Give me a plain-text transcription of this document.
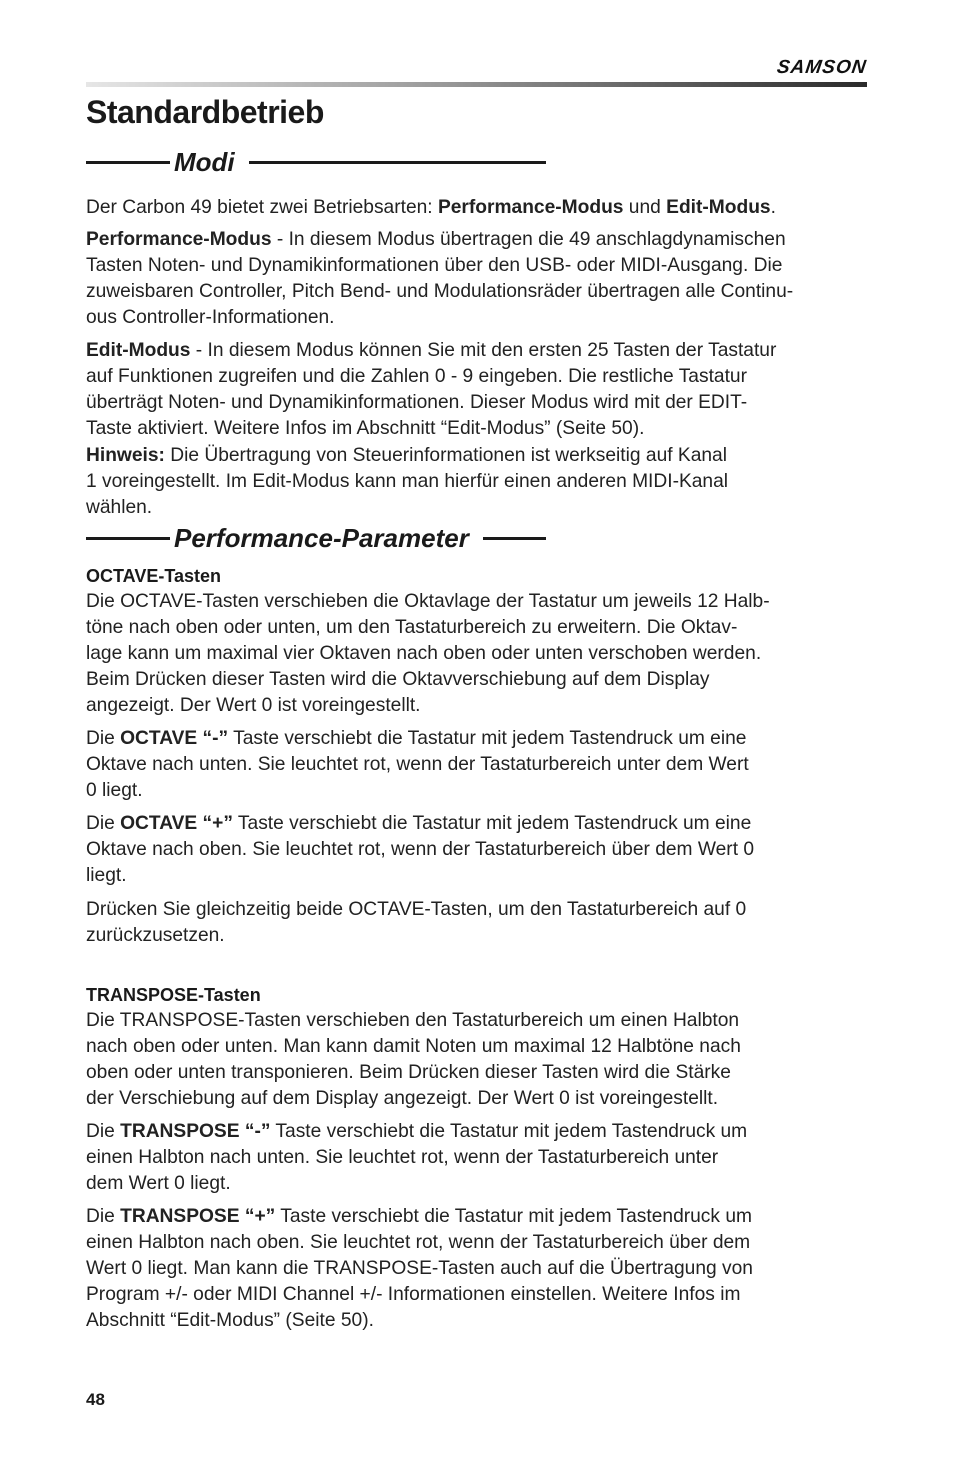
SAMSON
Standardbetrieb
Modi

Der Carbon 49 bietet zwei Betriebsarten: Performance-Modus und Edit-Modus.

Performance-Modus - In diesem Modus übertragen die 49 anschlagdynamischen
Tasten Noten- und Dynamikinformationen über den USB- oder MIDI-Ausgang. Die
zuweisbaren Controller, Pitch Bend- und Modulationsräder übertragen alle Continu-
ous Controller-Informationen.

Edit-Modus - In diesem Modus können Sie mit den ersten 25 Tasten der Tastatur
auf Funktionen zugreifen und die Zahlen 0 - 9 eingeben. Die restliche Tastatur
überträgt Noten- und Dynamikinformationen. Dieser Modus wird mit der EDIT-
Taste aktiviert. Weitere Infos im Abschnitt “Edit-Modus” (Seite 50).

Hinweis: Die Übertragung von Steuerinformationen ist werkseitig auf Kanal
1 voreingestellt. Im Edit-Modus kann man hierfür einen anderen MIDI-Kanal
wählen.

Performance-Parameter
OCTAVE-Tasten

Die OCTAVE-Tasten verschieben die Oktavlage der Tastatur um jeweils 12 Halb-
töne nach oben oder unten, um den Tastaturbereich zu erweitern. Die Oktav-
lage kann um maximal vier Oktaven nach oben oder unten verschoben werden.
Beim Drücken dieser Tasten wird die Oktavverschiebung auf dem Display
angezeigt. Der Wert 0 ist voreingestellt.

Die OCTAVE “-” Taste verschiebt die Tastatur mit jedem Tastendruck um eine
Oktave nach unten. Sie leuchtet rot, wenn der Tastaturbereich unter dem Wert
0 liegt.

Die OCTAVE “+” Taste verschiebt die Tastatur mit jedem Tastendruck um eine
Oktave nach oben. Sie leuchtet rot, wenn der Tastaturbereich über dem Wert 0
liegt.

Drücken Sie gleichzeitig beide OCTAVE-Tasten, um den Tastaturbereich auf 0
zurückzusetzen.

TRANSPOSE-Tasten

Die TRANSPOSE-Tasten verschieben den Tastaturbereich um einen Halbton
nach oben oder unten. Man kann damit Noten um maximal 12 Halbtöne nach
oben oder unten transponieren. Beim Drücken dieser Tasten wird die Stärke
der Verschiebung auf dem Display angezeigt. Der Wert 0 ist voreingestellt.

Die TRANSPOSE “-” Taste verschiebt die Tastatur mit jedem Tastendruck um
einen Halbton nach unten. Sie leuchtet rot, wenn der Tastaturbereich unter
dem Wert 0 liegt.

Die TRANSPOSE “+” Taste verschiebt die Tastatur mit jedem Tastendruck um
einen Halbton nach oben. Sie leuchtet rot, wenn der Tastaturbereich über dem
Wert 0 liegt. Man kann die TRANSPOSE-Tasten auch auf die Übertragung von
Program +/- oder MIDI Channel +/- Informationen einstellen. Weitere Infos im
Abschnitt “Edit-Modus” (Seite 50).

48
